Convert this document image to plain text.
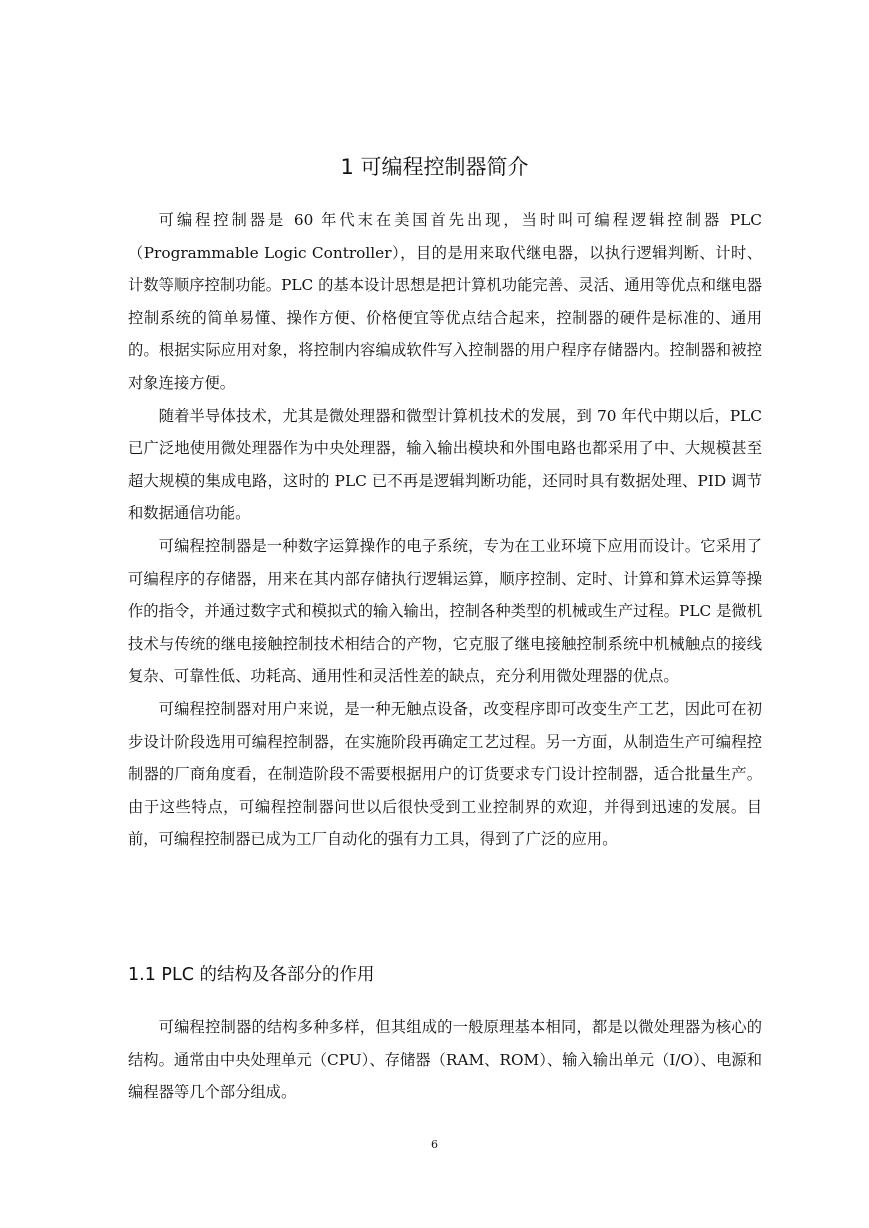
1 可编程控制器简介

可编程控制器是 60 年代末在美国首先出现，当时叫可编程逻辑控制器 PLC（Programmable Logic Controller），目的是用来取代继电器，以执行逻辑判断、计时、计数等顺序控制功能。PLC 的基本设计思想是把计算机功能完善、灵活、通用等优点和继电器控制系统的简单易懂、操作方便、价格便宜等优点结合起来，控制器的硬件是标准的、通用的。根据实际应用对象，将控制内容编成软件写入控制器的用户程序存储器内。控制器和被控对象连接方便。

随着半导体技术，尤其是微处理器和微型计算机技术的发展，到 70 年代中期以后，PLC 已广泛地使用微处理器作为中央处理器，输入输出模块和外围电路也都采用了中、大规模甚至超大规模的集成电路，这时的 PLC 已不再是逻辑判断功能，还同时具有数据处理、PID 调节和数据通信功能。

可编程控制器是一种数字运算操作的电子系统，专为在工业环境下应用而设计。它采用了可编程序的存储器，用来在其内部存储执行逻辑运算，顺序控制、定时、计算和算术运算等操作的指令，并通过数字式和模拟式的输入输出，控制各种类型的机械或生产过程。PLC 是微机技术与传统的继电接触控制技术相结合的产物，它克服了继电接触控制系统中机械触点的接线复杂、可靠性低、功耗高、通用性和灵活性差的缺点，充分利用微处理器的优点。

可编程控制器对用户来说，是一种无触点设备，改变程序即可改变生产工艺，因此可在初步设计阶段选用可编程控制器，在实施阶段再确定工艺过程。另一方面，从制造生产可编程控制器的厂商角度看，在制造阶段不需要根据用户的订货要求专门设计控制器，适合批量生产。由于这些特点，可编程控制器问世以后很快受到工业控制界的欢迎，并得到迅速的发展。目前，可编程控制器已成为工厂自动化的强有力工具，得到了广泛的应用。

1.1 PLC 的结构及各部分的作用

可编程控制器的结构多种多样，但其组成的一般原理基本相同，都是以微处理器为核心的结构。通常由中央处理单元（CPU）、存储器（RAM、ROM）、输入输出单元（I/O）、电源和编程器等几个部分组成。

6
